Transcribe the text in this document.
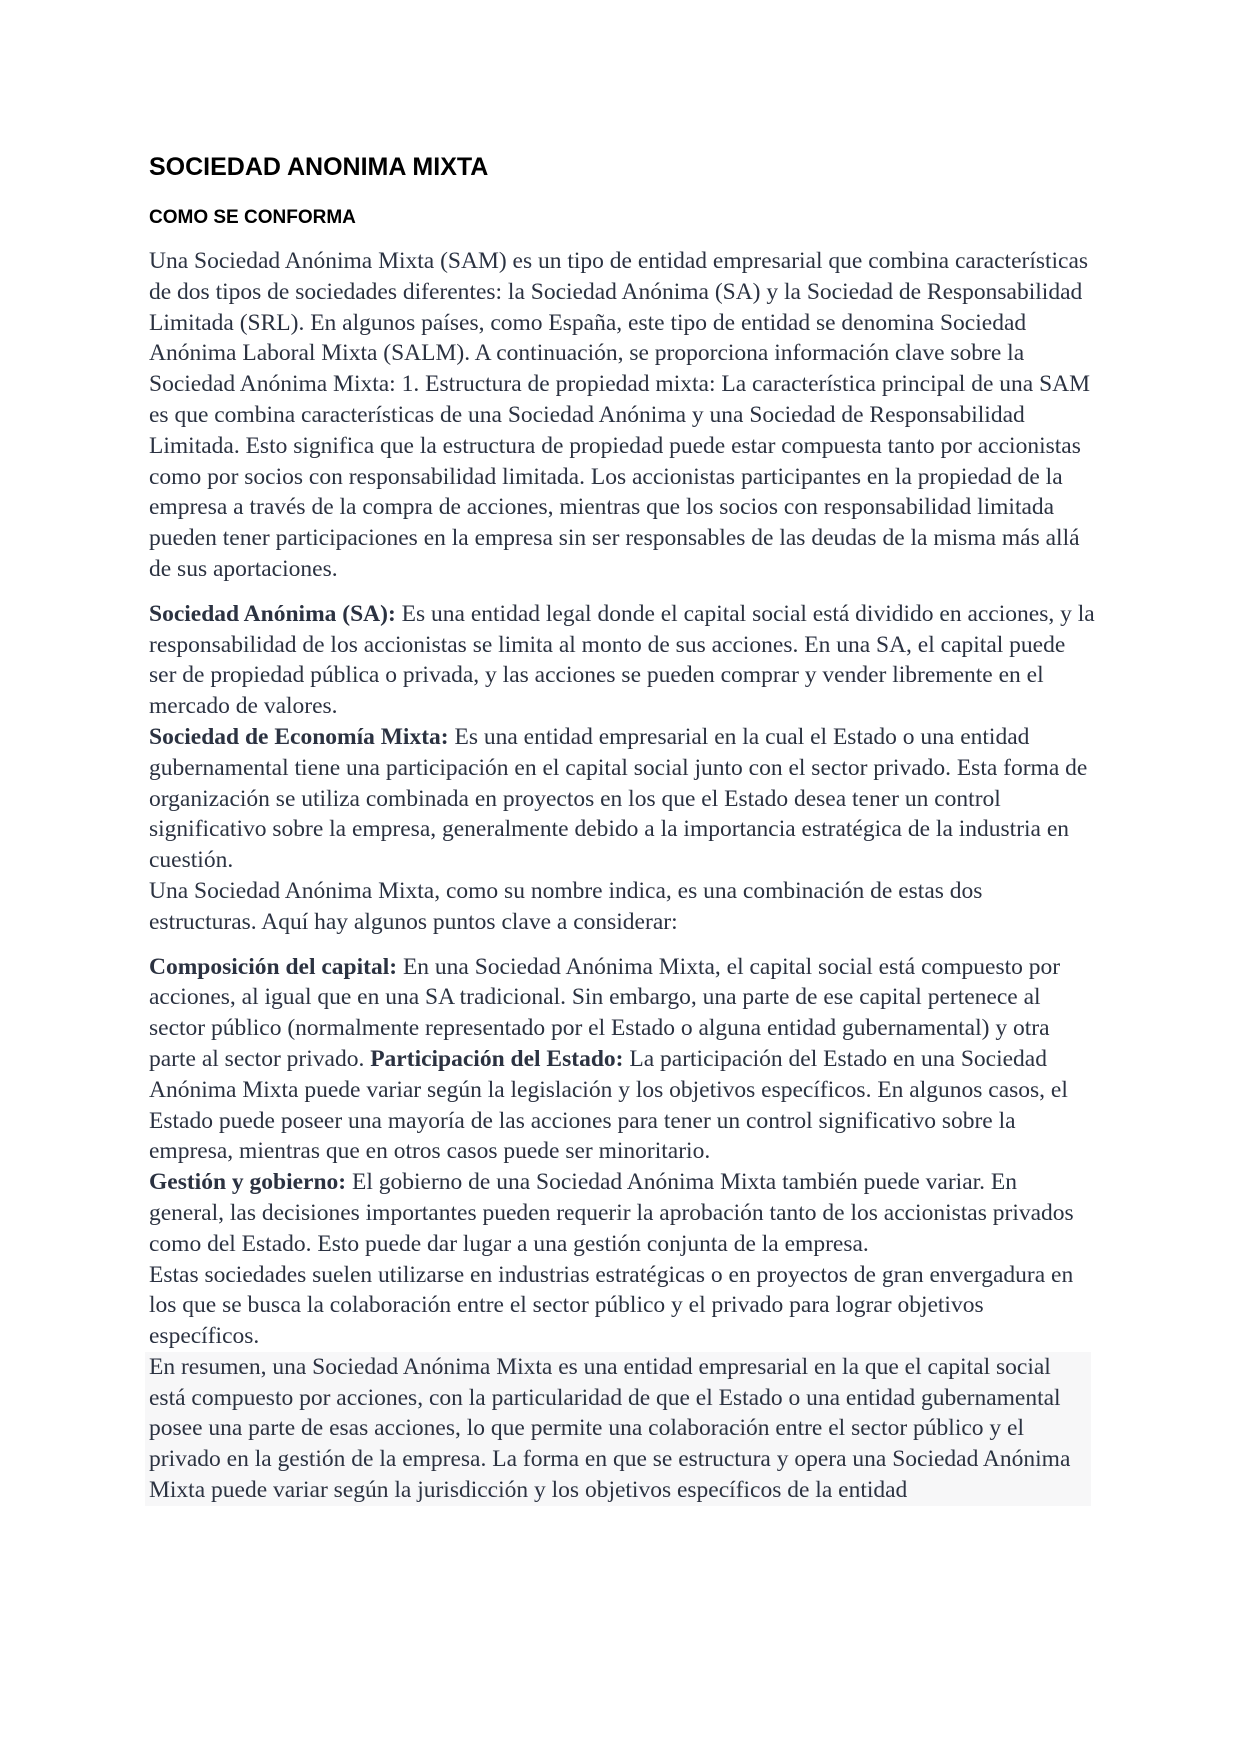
SOCIEDAD ANONIMA MIXTA
COMO SE CONFORMA

Una Sociedad Anónima Mixta (SAM) es un tipo de entidad empresarial que combina características de dos tipos de sociedades diferentes: la Sociedad Anónima (SA) y la Sociedad de Responsabilidad Limitada (SRL). En algunos países, como España, este tipo de entidad se denomina Sociedad Anónima Laboral Mixta (SALM). A continuación, se proporciona información clave sobre la Sociedad Anónima Mixta: 1. Estructura de propiedad mixta: La característica principal de una SAM es que combina características de una Sociedad Anónima y una Sociedad de Responsabilidad Limitada. Esto significa que la estructura de propiedad puede estar compuesta tanto por accionistas como por socios con responsabilidad limitada. Los accionistas participantes en la propiedad de la empresa a través de la compra de acciones, mientras que los socios con responsabilidad limitada pueden tener participaciones en la empresa sin ser responsables de las deudas de la misma más allá de sus aportaciones.

Sociedad Anónima (SA): Es una entidad legal donde el capital social está dividido en acciones, y la responsabilidad de los accionistas se limita al monto de sus acciones. En una SA, el capital puede ser de propiedad pública o privada, y las acciones se pueden comprar y vender libremente en el mercado de valores.

Sociedad de Economía Mixta: Es una entidad empresarial en la cual el Estado o una entidad gubernamental tiene una participación en el capital social junto con el sector privado. Esta forma de organización se utiliza combinada en proyectos en los que el Estado desea tener un control significativo sobre la empresa, generalmente debido a la importancia estratégica de la industria en cuestión.

Una Sociedad Anónima Mixta, como su nombre indica, es una combinación de estas dos estructuras. Aquí hay algunos puntos clave a considerar:

Composición del capital: En una Sociedad Anónima Mixta, el capital social está compuesto por acciones, al igual que en una SA tradicional. Sin embargo, una parte de ese capital pertenece al sector público (normalmente representado por el Estado o alguna entidad gubernamental) y otra parte al sector privado. Participación del Estado: La participación del Estado en una Sociedad Anónima Mixta puede variar según la legislación y los objetivos específicos. En algunos casos, el Estado puede poseer una mayoría de las acciones para tener un control significativo sobre la empresa, mientras que en otros casos puede ser minoritario.

Gestión y gobierno: El gobierno de una Sociedad Anónima Mixta también puede variar. En general, las decisiones importantes pueden requerir la aprobación tanto de los accionistas privados como del Estado. Esto puede dar lugar a una gestión conjunta de la empresa.

Estas sociedades suelen utilizarse en industrias estratégicas o en proyectos de gran envergadura en los que se busca la colaboración entre el sector público y el privado para lograr objetivos específicos.

En resumen, una Sociedad Anónima Mixta es una entidad empresarial en la que el capital social está compuesto por acciones, con la particularidad de que el Estado o una entidad gubernamental posee una parte de esas acciones, lo que permite una colaboración entre el sector público y el privado en la gestión de la empresa. La forma en que se estructura y opera una Sociedad Anónima Mixta puede variar según la jurisdicción y los objetivos específicos de la entidad
